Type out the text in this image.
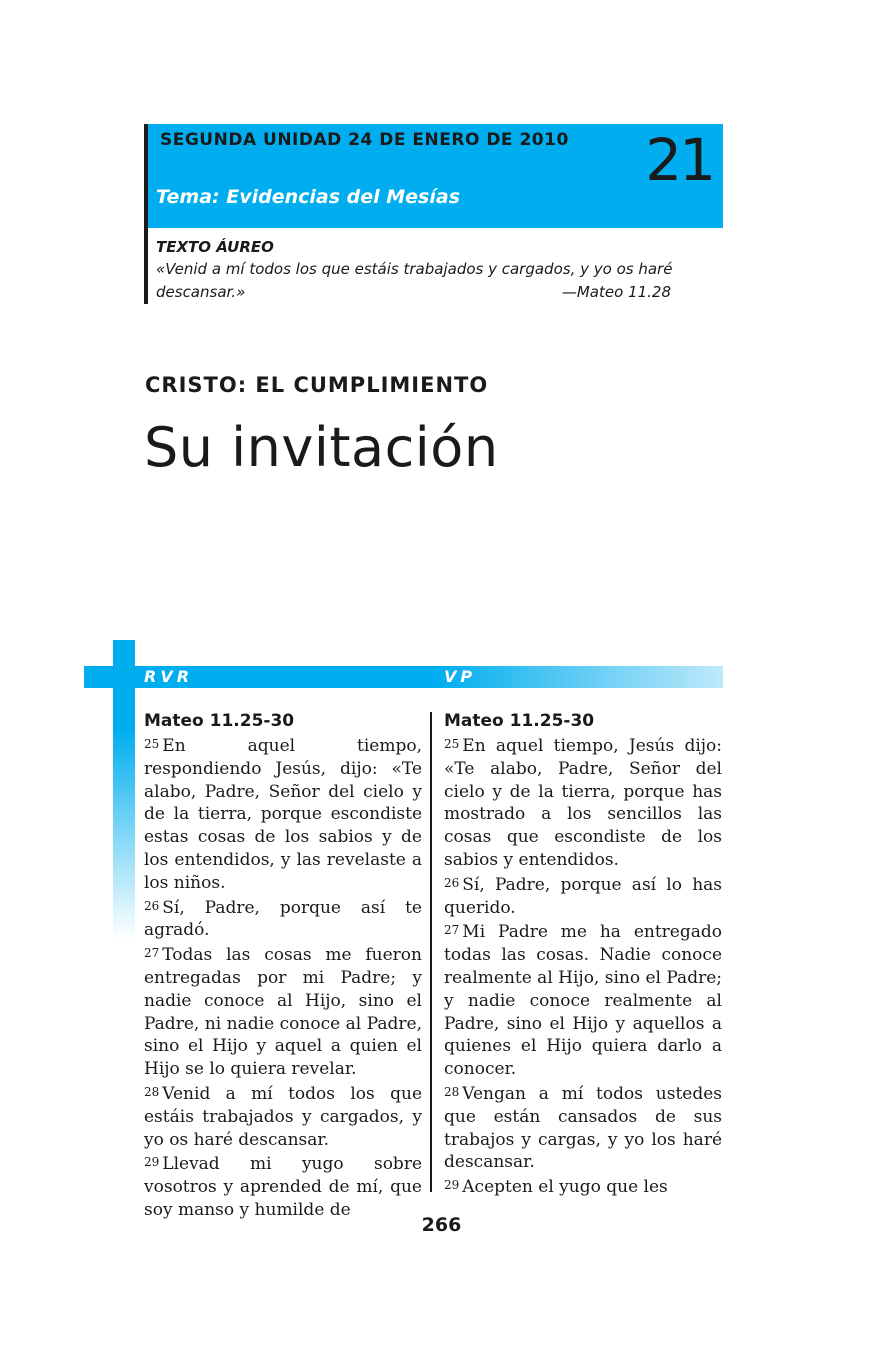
SEGUNDA UNIDAD 24 DE ENERO DE 2010 21
Tema: Evidencias del Mesías
TEXTO ÁUREO
«Venid a mí todos los que estáis trabajados y cargados, y yo os haré descansar.»	—Mateo 11.28
CRISTO: EL CUMPLIMIENTO
Su invitación
RVR	VP
Mateo 11.25-30

25 En aquel tiempo, respondiendo Jesús, dijo: «Te alabo, Padre, Señor del cielo y de la tierra, porque escondiste estas cosas de los sabios y de los entendidos, y las revelaste a los niños.

26 Sí, Padre, porque así te agradó.

27 Todas las cosas me fueron entregadas por mi Padre; y nadie conoce al Hijo, sino el Padre, ni nadie conoce al Padre, sino el Hijo y aquel a quien el Hijo se lo quiera revelar.

28 Venid a mí todos los que estáis trabajados y cargados, y yo os haré descansar.

29 Llevad mi yugo sobre vosotros y aprended de mí, que soy manso y humilde de

Mateo 11.25-30

25 En aquel tiempo, Jesús dijo: «Te alabo, Padre, Señor del cielo y de la tierra, porque has mostrado a los sencillos las cosas que escondiste de los sabios y entendidos.

26 Sí, Padre, porque así lo has querido.

27 Mi Padre me ha entregado todas las cosas. Nadie conoce realmente al Hijo, sino el Padre; y nadie conoce realmente al Padre, sino el Hijo y aquellos a quienes el Hijo quiera darlo a conocer.

28 Vengan a mí todos ustedes que están cansados de sus trabajos y cargas, y yo los haré descansar.

29 Acepten el yugo que les

266
